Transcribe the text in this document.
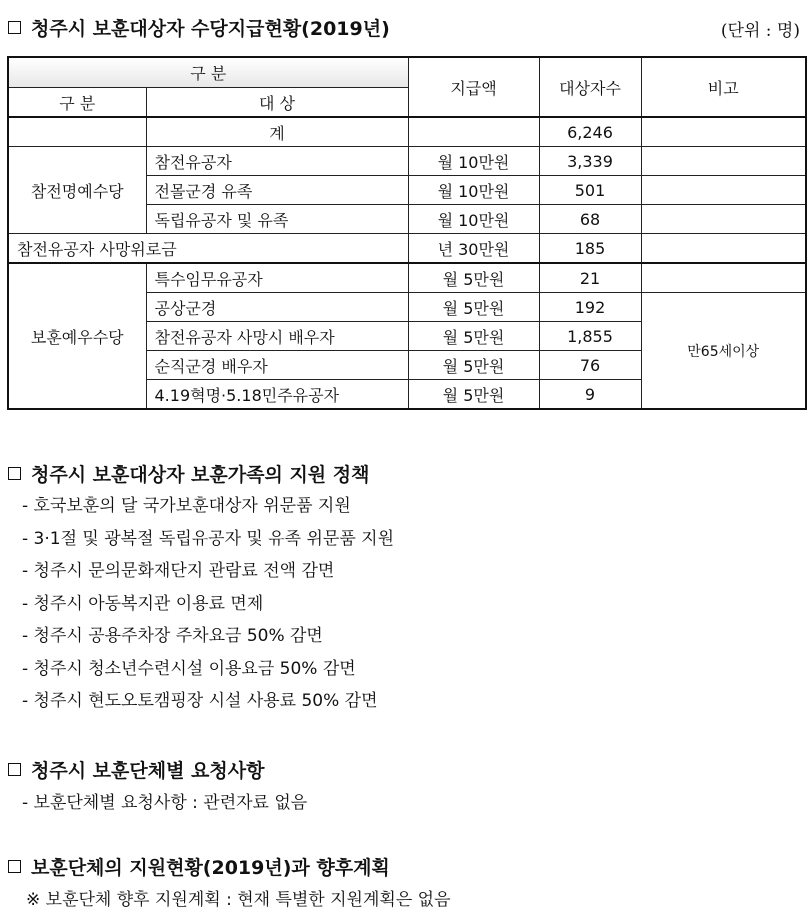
청주시 보훈대상자 수당지급현황(2019년)	(단위 : 명)
구 분		지급액	대상자수	비고
구 분	대 상			
	계		6,246	
참전명예수당	참전유공자	월 10만원	3,339	
	전몰군경 유족	월 10만원	501	
	독립유공자 및 유족	월 10만원	68	
참전유공자 사망위로금		년 30만원	185	
보훈예우수당	특수임무유공자	월 5만원	21	
	공상군경	월 5만원	192	만65세이상
	참전유공자 사망시 배우자	월 5만원	1,855	
	순직군경 배우자	월 5만원	76	
	4.19혁명·5.18민주유공자	월 5만원	9	
청주시 보훈대상자 보훈가족의 지원 정책
- 호국보훈의 달 국가보훈대상자 위문품 지원
- 3·1절 및 광복절 독립유공자 및 유족 위문품 지원
- 청주시 문의문화재단지 관람료 전액 감면
- 청주시 아동복지관 이용료 면제
- 청주시 공용주차장 주차요금 50% 감면
- 청주시 청소년수련시설 이용요금 50% 감면
- 청주시 현도오토캠핑장 시설 사용료 50% 감면
청주시 보훈단체별 요청사항
- 보훈단체별 요청사항 : 관련자료 없음
보훈단체의 지원현황(2019년)과 향후계획
※ 보훈단체 향후 지원계획 : 현재 특별한 지원계획은 없음
